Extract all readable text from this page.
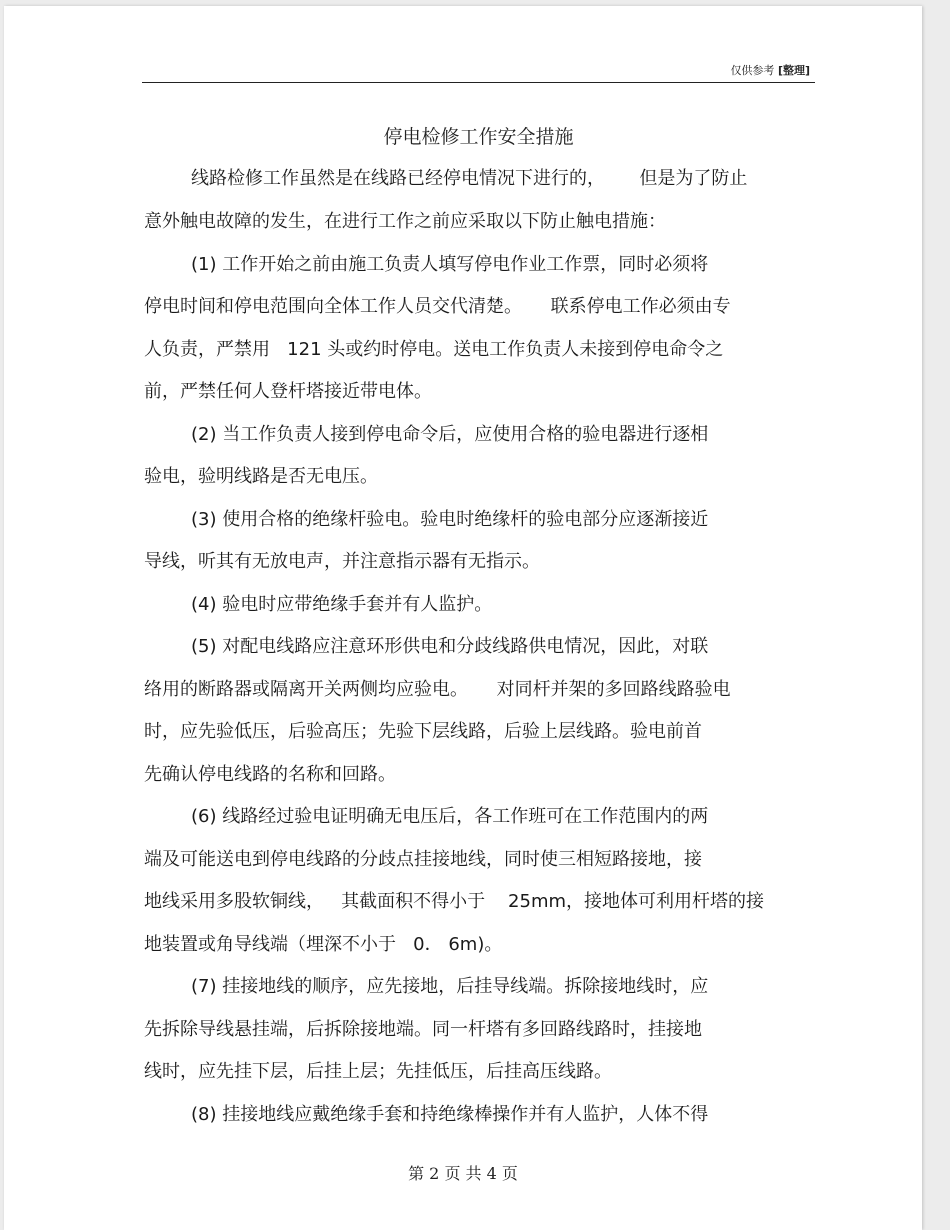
仅供参考 [整理]
停电检修工作安全措施
线路检修工作虽然是在线路已经停电情况下进行的，      但是为了防止
意外触电故障的发生，在进行工作之前应采取以下防止触电措施：
(1) 工作开始之前由施工负责人填写停电作业工作票，同时必须将
停电时间和停电范围向全体工作人员交代清楚。     联系停电工作必须由专
人负责，严禁用   121 头或约时停电。送电工作负责人未接到停电命令之
前，严禁任何人登杆塔接近带电体。
(2) 当工作负责人接到停电命令后，应使用合格的验电器进行逐相
验电，验明线路是否无电压。
(3) 使用合格的绝缘杆验电。验电时绝缘杆的验电部分应逐渐接近
导线，听其有无放电声，并注意指示器有无指示。
(4) 验电时应带绝缘手套并有人监护。
(5) 对配电线路应注意环形供电和分歧线路供电情况，因此，对联
络用的断路器或隔离开关两侧均应验电。     对同杆并架的多回路线路验电
时，应先验低压，后验高压；先验下层线路，后验上层线路。验电前首
先确认停电线路的名称和回路。
(6) 线路经过验电证明确无电压后，各工作班可在工作范围内的两
端及可能送电到停电线路的分歧点挂接地线，同时使三相短路接地，接
地线采用多股软铜线，   其截面积不得小于    25mm，接地体可利用杆塔的接
地装置或角导线端（埋深不小于   0． 6m)。
(7) 挂接地线的顺序，应先接地，后挂导线端。拆除接地线时，应
先拆除导线悬挂端，后拆除接地端。同一杆塔有多回路线路时，挂接地
线时，应先挂下层，后挂上层；先挂低压，后挂高压线路。
(8) 挂接地线应戴绝缘手套和持绝缘棒操作并有人监护，人体不得
第 2 页 共 4 页
